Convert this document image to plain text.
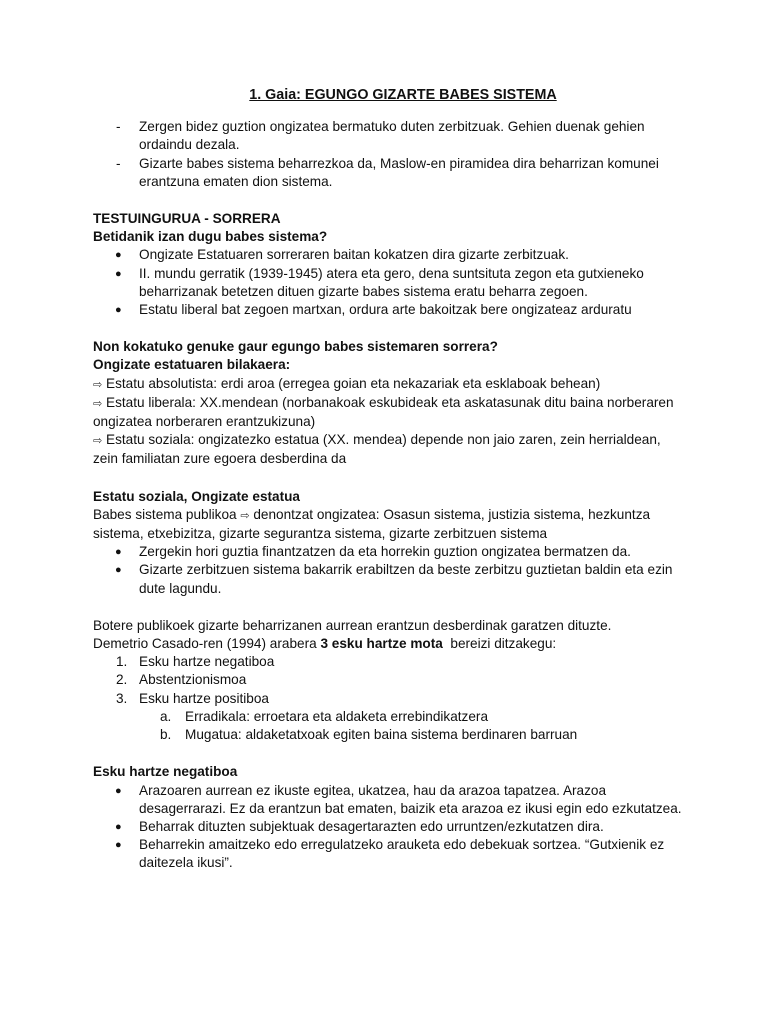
1. Gaia: EGUNGO GIZARTE BABES SISTEMA
- Zergen bidez guztion ongizatea bermatuko duten zerbitzuak. Gehien duenak gehien ordaindu dezala.
- Gizarte babes sistema beharrezkoa da, Maslow-en piramidea dira beharrizan komunei erantzuna ematen dion sistema.

TESTUINGURUA - SORRERA

Betidanik izan dugu babes sistema?

● Ongizate Estatuaren sorreraren baitan kokatzen dira gizarte zerbitzuak.
● II. mundu gerratik (1939-1945) atera eta gero, dena suntsituta zegon eta gutxieneko beharrizanak betetzen dituen gizarte babes sistema eratu beharra zegoen.
● Estatu liberal bat zegoen martxan, ordura arte bakoitzak bere ongizateaz arduratu

Non kokatuko genuke gaur egungo babes sistemaren sorrera?

Ongizate estatuaren bilakaera:

⇨ Estatu absolutista: erdi aroa (erregea goian eta nekazariak eta esklaboak behean)

⇨ Estatu liberala: XX.mendean (norbanakoak eskubideak eta askatasunak ditu baina norberaren ongizatea norberaren erantzukizuna)

⇨ Estatu soziala: ongizatezko estatua (XX. mendea) depende non jaio zaren, zein herrialdean, zein familiatan zure egoera desberdina da

Estatu soziala, Ongizate estatua

Babes sistema publikoa ⇨ denontzat ongizatea: Osasun sistema, justizia sistema, hezkuntza sistema, etxebizitza, gizarte segurantza sistema, gizarte zerbitzuen sistema

● Zergekin hori guztia finantzatzen da eta horrekin guztion ongizatea bermatzen da.
● Gizarte zerbitzuen sistema bakarrik erabiltzen da beste zerbitzu guztietan baldin eta ezin dute lagundu.

Botere publikoek gizarte beharrizanen aurrean erantzun desberdinak garatzen dituzte.

Demetrio Casado-ren (1994) arabera 3 esku hartze mota  bereizi ditzakegu:

1. Esku hartze negatiboa
2. Abstentzionismoa
3. Esku hartze positiboa
a. Erradikala: erroetara eta aldaketa errebindikatzera
b. Mugatua: aldaketatxoak egiten baina sistema berdinaren barruan

Esku hartze negatiboa

● Arazoaren aurrean ez ikuste egitea, ukatzea, hau da arazoa tapatzea. Arazoa desagerrarazi. Ez da erantzun bat ematen, baizik eta arazoa ez ikusi egin edo ezkutatzea.
● Beharrak dituzten subjektuak desagertarazten edo urruntzen/ezkutatzen dira.
● Beharrekin amaitzeko edo erregulatzeko arauketa edo debekuak sortzea. “Gutxienik ez daitezela ikusi”.
